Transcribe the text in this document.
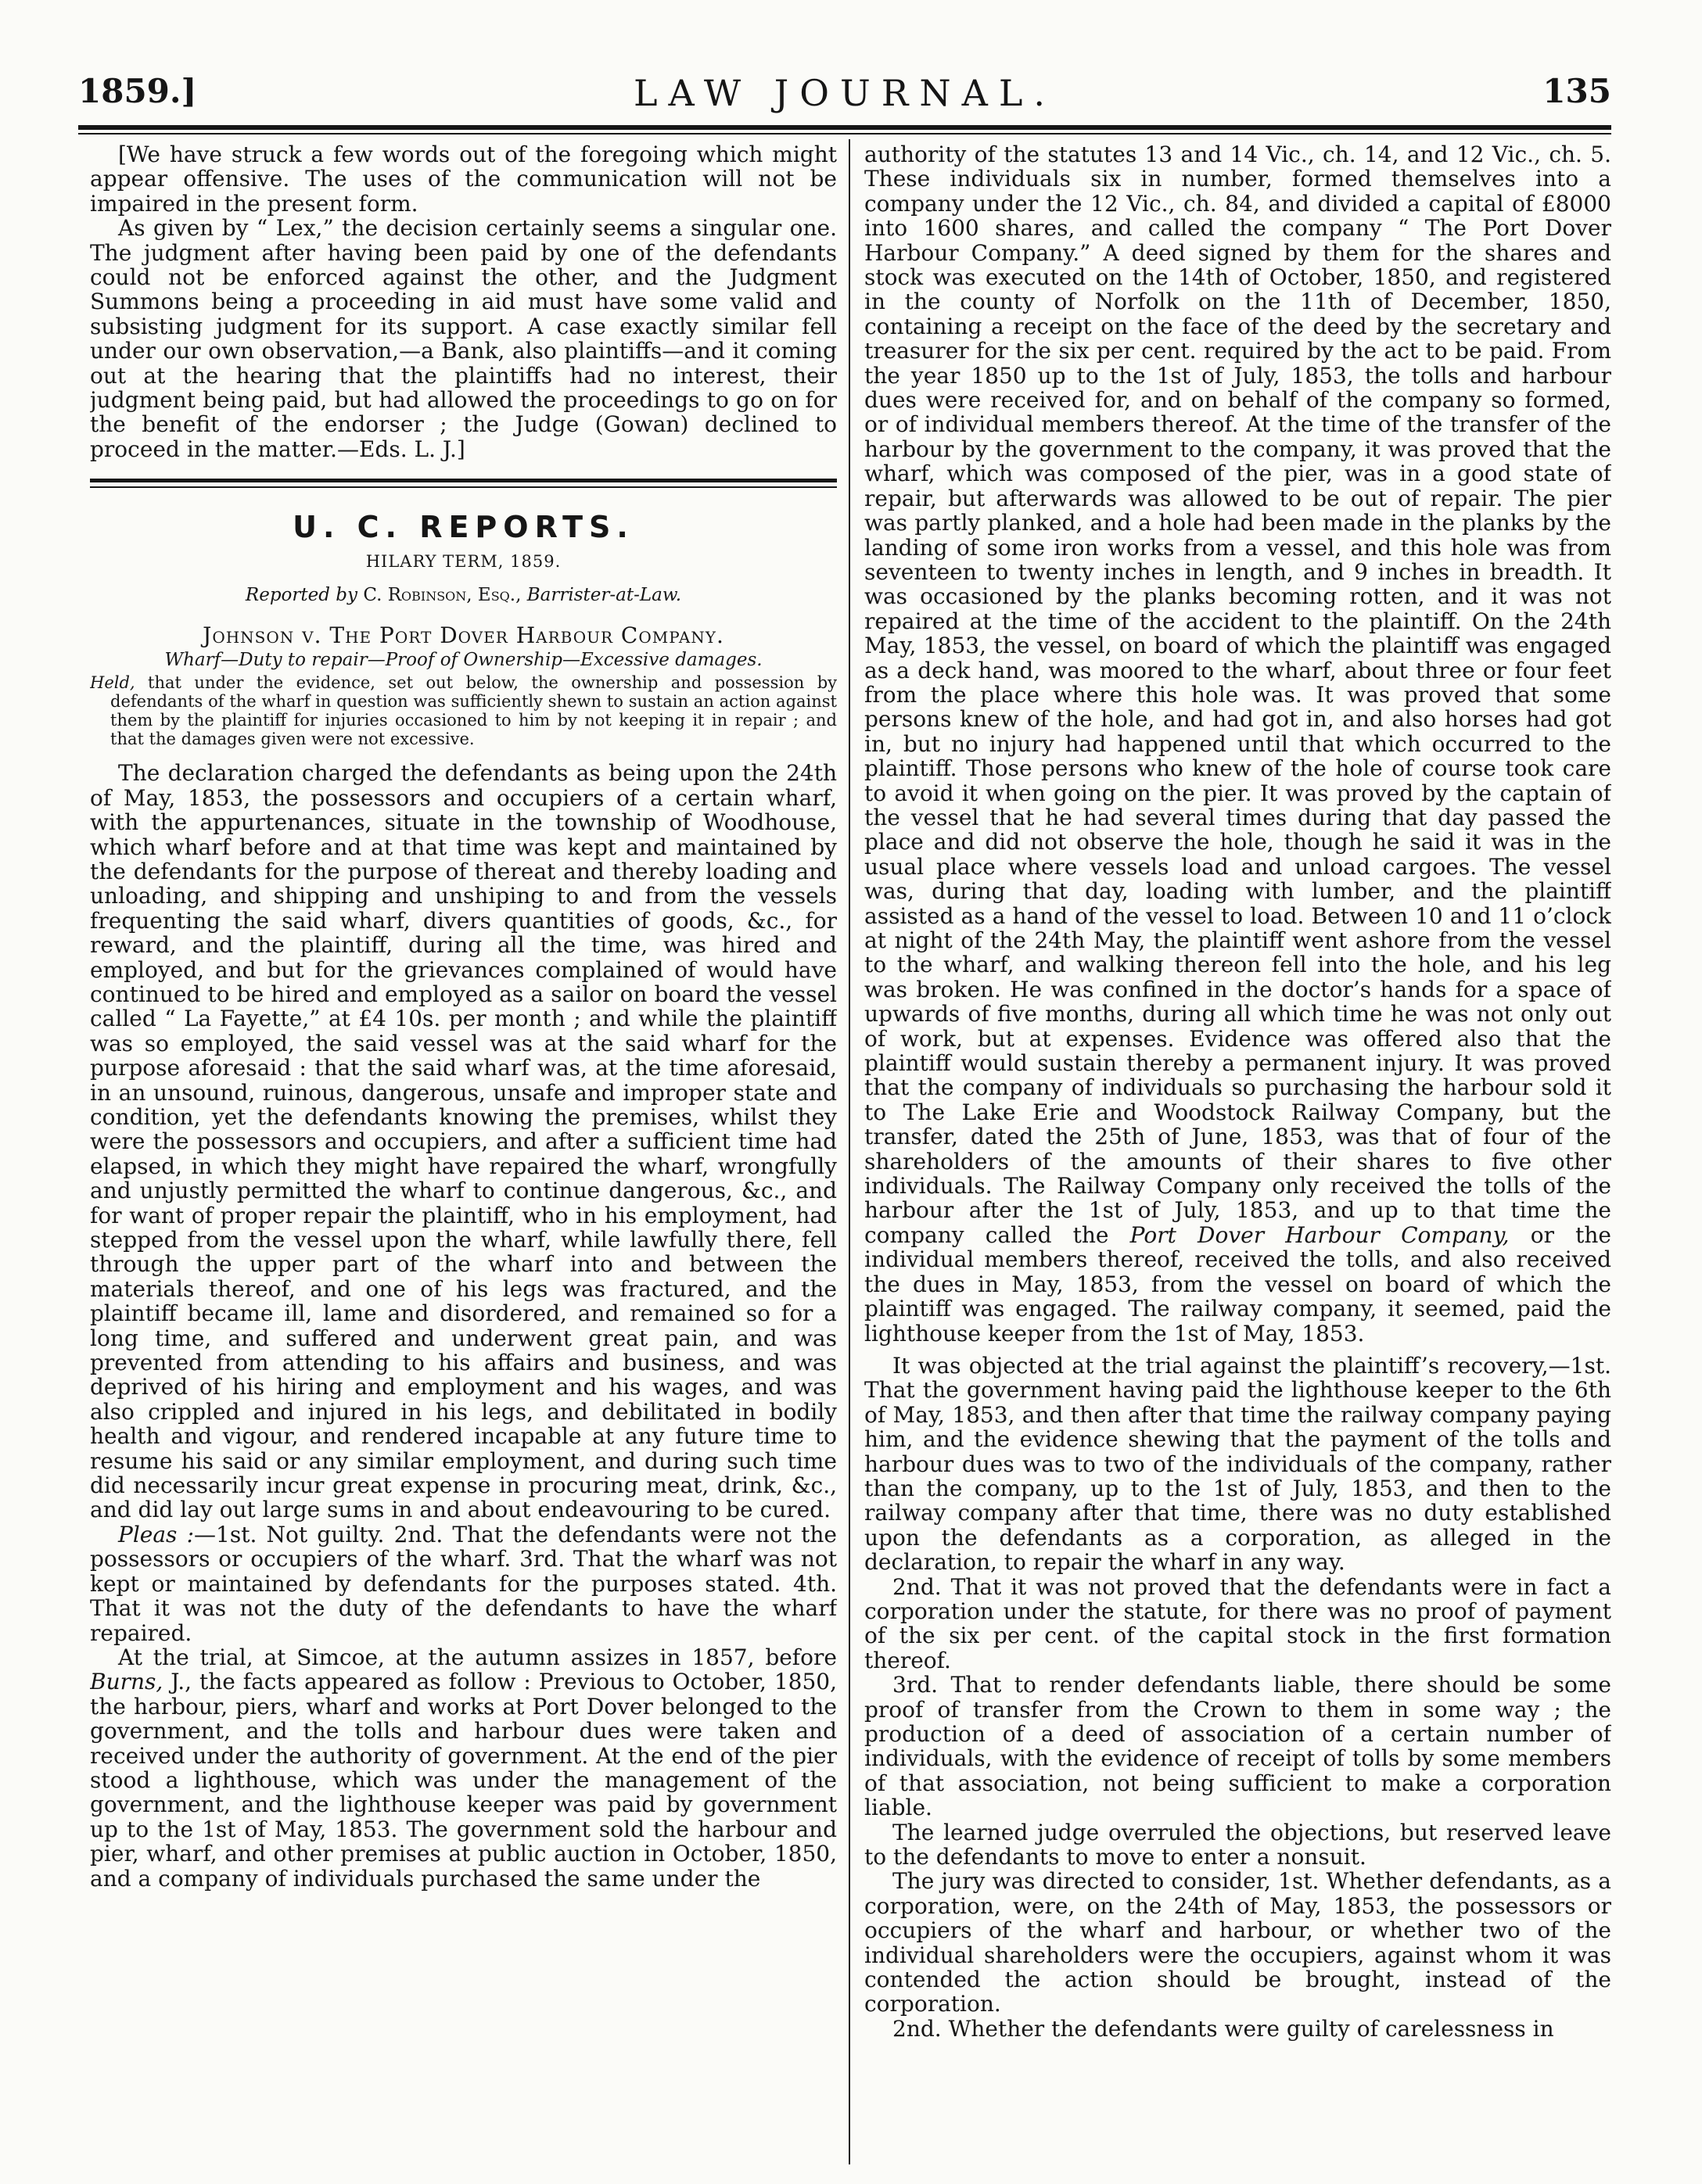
1859.]	LAW JOURNAL.	135

[We have struck a few words out of the foregoing which might appear offensive. The uses of the communication will not be impaired in the present form.

As given by “ Lex,” the decision certainly seems a singular one. The judgment after having been paid by one of the defendants could not be enforced against the other, and the Judgment Summons being a proceeding in aid must have some valid and subsisting judgment for its support. A case exactly similar fell under our own observation,—a Bank, also plaintiffs—and it coming out at the hearing that the plaintiffs had no interest, their judgment being paid, but had allowed the proceedings to go on for the benefit of the endorser ; the Judge (Gowan) declined to proceed in the matter.—Eds. L. J.]

U. C. REPORTS.
HILARY TERM, 1859.
Reported by C. Robinson, Esq., Barrister-at-Law.
Johnson v. The Port Dover Harbour Company.
Wharf—Duty to repair—Proof of Ownership—Excessive damages.

Held, that under the evidence, set out below, the ownership and possession by defendants of the wharf in question was sufficiently shewn to sustain an action against them by the plaintiff for injuries occasioned to him by not keeping it in repair ; and that the damages given were not excessive.

The declaration charged the defendants as being upon the 24th of May, 1853, the possessors and occupiers of a certain wharf, with the appurtenances, situate in the township of Woodhouse, which wharf before and at that time was kept and maintained by the defendants for the purpose of thereat and thereby loading and unloading, and shipping and unshiping to and from the vessels frequenting the said wharf, divers quantities of goods, &c., for reward, and the plaintiff, during all the time, was hired and employed, and but for the grievances complained of would have continued to be hired and employed as a sailor on board the vessel called “ La Fayette,” at £4 10s. per month ; and while the plaintiff was so employed, the said vessel was at the said wharf for the purpose aforesaid : that the said wharf was, at the time aforesaid, in an unsound, ruinous, dangerous, unsafe and improper state and condition, yet the defendants knowing the premises, whilst they were the possessors and occupiers, and after a sufficient time had elapsed, in which they might have repaired the wharf, wrongfully and unjustly permitted the wharf to continue dangerous, &c., and for want of proper repair the plaintiff, who in his employment, had stepped from the vessel upon the wharf, while lawfully there, fell through the upper part of the wharf into and between the materials thereof, and one of his legs was fractured, and the plaintiff became ill, lame and disordered, and remained so for a long time, and suffered and underwent great pain, and was prevented from attending to his affairs and business, and was deprived of his hiring and employment and his wages, and was also crippled and injured in his legs, and debilitated in bodily health and vigour, and rendered incapable at any future time to resume his said or any similar employment, and during such time did necessarily incur great expense in procuring meat, drink, &c., and did lay out large sums in and about endeavouring to be cured.

Pleas :—1st. Not guilty. 2nd. That the defendants were not the possessors or occupiers of the wharf. 3rd. That the wharf was not kept or maintained by defendants for the purposes stated. 4th. That it was not the duty of the defendants to have the wharf repaired.

At the trial, at Simcoe, at the autumn assizes in 1857, before Burns, J., the facts appeared as follow : Previous to October, 1850, the harbour, piers, wharf and works at Port Dover belonged to the government, and the tolls and harbour dues were taken and received under the authority of government. At the end of the pier stood a lighthouse, which was under the management of the government, and the lighthouse keeper was paid by government up to the 1st of May, 1853. The government sold the harbour and pier, wharf, and other premises at public auction in October, 1850, and a company of individuals purchased the same under the

authority of the statutes 13 and 14 Vic., ch. 14, and 12 Vic., ch. 5. These individuals six in number, formed themselves into a company under the 12 Vic., ch. 84, and divided a capital of £8000 into 1600 shares, and called the company “ The Port Dover Harbour Company.” A deed signed by them for the shares and stock was executed on the 14th of October, 1850, and registered in the county of Norfolk on the 11th of December, 1850, containing a receipt on the face of the deed by the secretary and treasurer for the six per cent. required by the act to be paid. From the year 1850 up to the 1st of July, 1853, the tolls and harbour dues were received for, and on behalf of the company so formed, or of individual members thereof. At the time of the transfer of the harbour by the government to the company, it was proved that the wharf, which was composed of the pier, was in a good state of repair, but afterwards was allowed to be out of repair. The pier was partly planked, and a hole had been made in the planks by the landing of some iron works from a vessel, and this hole was from seventeen to twenty inches in length, and 9 inches in breadth. It was occasioned by the planks becoming rotten, and it was not repaired at the time of the accident to the plaintiff. On the 24th May, 1853, the vessel, on board of which the plaintiff was engaged as a deck hand, was moored to the wharf, about three or four feet from the place where this hole was. It was proved that some persons knew of the hole, and had got in, and also horses had got in, but no injury had happened until that which occurred to the plaintiff. Those persons who knew of the hole of course took care to avoid it when going on the pier. It was proved by the captain of the vessel that he had several times during that day passed the place and did not observe the hole, though he said it was in the usual place where vessels load and unload cargoes. The vessel was, during that day, loading with lumber, and the plaintiff assisted as a hand of the vessel to load. Between 10 and 11 o’clock at night of the 24th May, the plaintiff went ashore from the vessel to the wharf, and walking thereon fell into the hole, and his leg was broken. He was confined in the doctor’s hands for a space of upwards of five months, during all which time he was not only out of work, but at expenses. Evidence was offered also that the plaintiff would sustain thereby a permanent injury. It was proved that the company of individuals so purchasing the harbour sold it to The Lake Erie and Woodstock Railway Company, but the transfer, dated the 25th of June, 1853, was that of four of the shareholders of the amounts of their shares to five other individuals. The Railway Company only received the tolls of the harbour after the 1st of July, 1853, and up to that time the company called the Port Dover Harbour Company, or the individual members thereof, received the tolls, and also received the dues in May, 1853, from the vessel on board of which the plaintiff was engaged. The railway company, it seemed, paid the lighthouse keeper from the 1st of May, 1853.

It was objected at the trial against the plaintiff’s recovery,—1st. That the government having paid the lighthouse keeper to the 6th of May, 1853, and then after that time the railway company paying him, and the evidence shewing that the payment of the tolls and harbour dues was to two of the individuals of the company, rather than the company, up to the 1st of July, 1853, and then to the railway company after that time, there was no duty established upon the defendants as a corporation, as alleged in the declaration, to repair the wharf in any way.

2nd. That it was not proved that the defendants were in fact a corporation under the statute, for there was no proof of payment of the six per cent. of the capital stock in the first formation thereof.

3rd. That to render defendants liable, there should be some proof of transfer from the Crown to them in some way ; the production of a deed of association of a certain number of individuals, with the evidence of receipt of tolls by some members of that association, not being sufficient to make a corporation liable.

The learned judge overruled the objections, but reserved leave to the defendants to move to enter a nonsuit.

The jury was directed to consider, 1st. Whether defendants, as a corporation, were, on the 24th of May, 1853, the possessors or occupiers of the wharf and harbour, or whether two of the individual shareholders were the occupiers, against whom it was contended the action should be brought, instead of the corporation.

2nd. Whether the defendants were guilty of carelessness in
